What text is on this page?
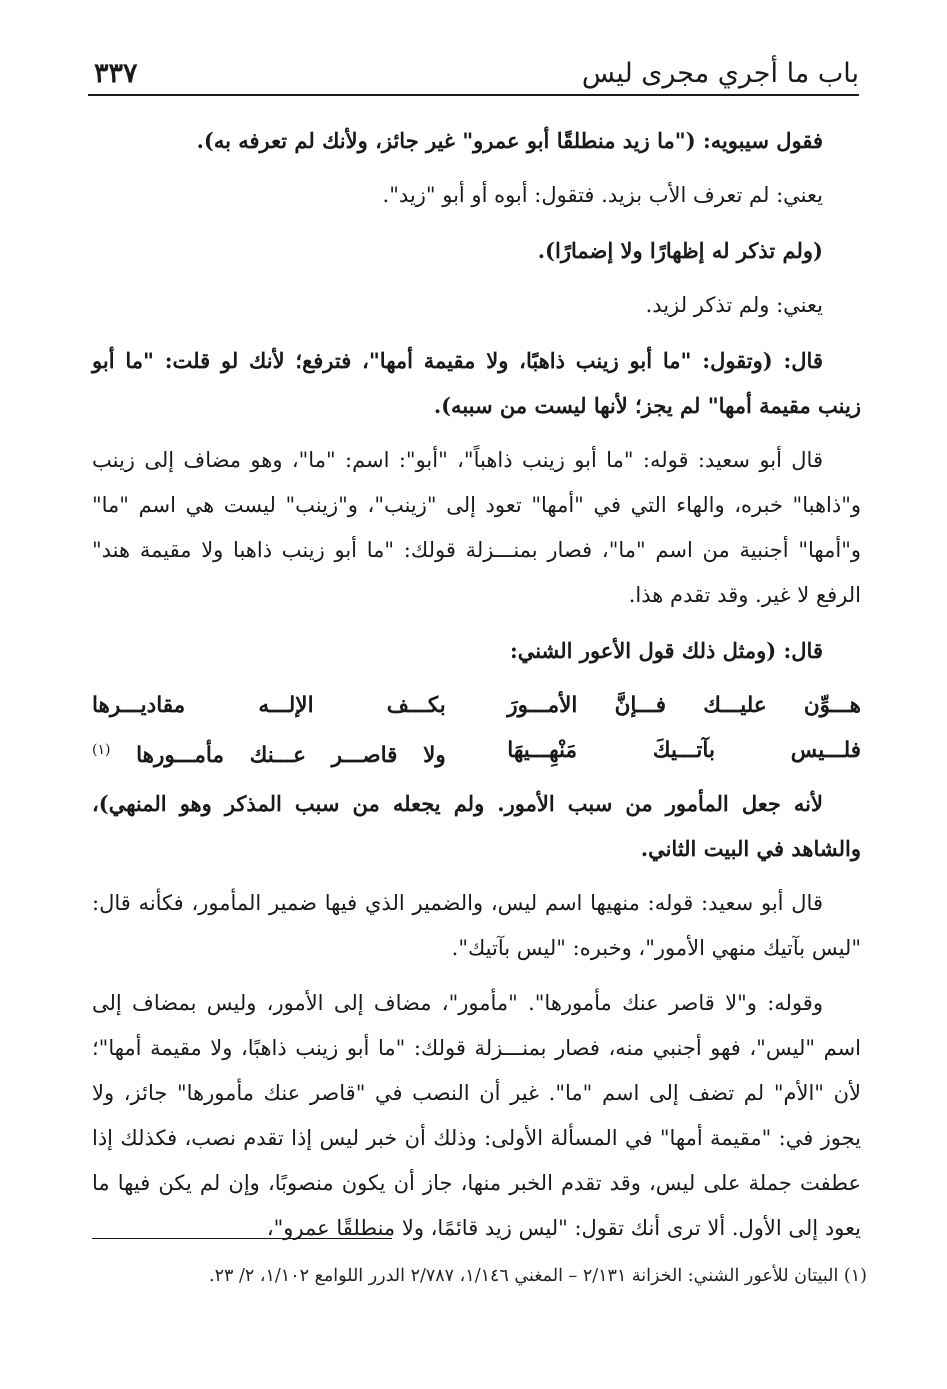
باب ما أجري مجرى ليس
٣٣٧

فقول سيبويه: ("ما زيد منطلقًا أبو عمرو" غير جائز، ولأنك لم تعرفه به).

يعني: لم تعرف الأب بزيد. فتقول: أبوه أو أبو "زيد".

(ولم تذكر له إظهارًا ولا إضمارًا).

يعني: ولم تذكر لزيد.

قال: (وتقول: "ما أبو زينب ذاهبًا، ولا مقيمة أمها"، فترفع؛ لأنك لو قلت: "ما أبو زينب مقيمة أمها" لم يجز؛ لأنها ليست من سببه).

قال أبو سعيد: قوله: "ما أبو زينب ذاهباً"، "أبو": اسم: "ما"، وهو مضاف إلى زينب و"ذاهبا" خبره، والهاء التي في "أمها" تعود إلى "زينب"، و"زينب" ليست هي اسم "ما" و"أمها" أجنبية من اسم "ما"، فصار بمنـــزلة قولك: "ما أبو زينب ذاهبا ولا مقيمة هند" الرفع لا غير. وقد تقدم هذا.

قال: (ومثل ذلك قول الأعور الشني:

هـــوِّن عليـــك فـــإنَّ الأمـــورَ
بكـــف الإلـــه مقاديـــرها
فلـــيس بآتـــيكَ مَنْهِـــيهَا
ولا قاصـــر عـــنك مأمـــورها $^{(١)}$

لأنه جعل المأمور من سبب الأمور. ولم يجعله من سبب المذكر وهو المنهي)، والشاهد في البيت الثاني.

قال أبو سعيد: قوله: منهيها اسم ليس، والضمير الذي فيها ضمير المأمور، فكأنه قال: "ليس بآتيك منهي الأمور"، وخبره: "ليس بآتيك".

وقوله: و"لا قاصر عنك مأمورها". "مأمور"، مضاف إلى الأمور، وليس بمضاف إلى اسم "ليس"، فهو أجنبي منه، فصار بمنـــزلة قولك: "ما أبو زينب ذاهبًا، ولا مقيمة أمها"؛ لأن "الأم" لم تضف إلى اسم "ما". غير أن النصب في "قاصر عنك مأمورها" جائز، ولا يجوز في: "مقيمة أمها" في المسألة الأولى: وذلك أن خبر ليس إذا تقدم نصب، فكذلك إذا عطفت جملة على ليس، وقد تقدم الخبر منها، جاز أن يكون منصوبًا، وإن لم يكن فيها ما يعود إلى الأول. ألا ترى أنك تقول: "ليس زيد قائمًا، ولا منطلقًا عمرو"،

(١) البيتان للأعور الشني: الخزانة ٢/١٣١ – المغني ١/١٤٦، ٢/٧٨٧ الدرر اللوامع ١/١٠٢، ٢/ ٢٣.
